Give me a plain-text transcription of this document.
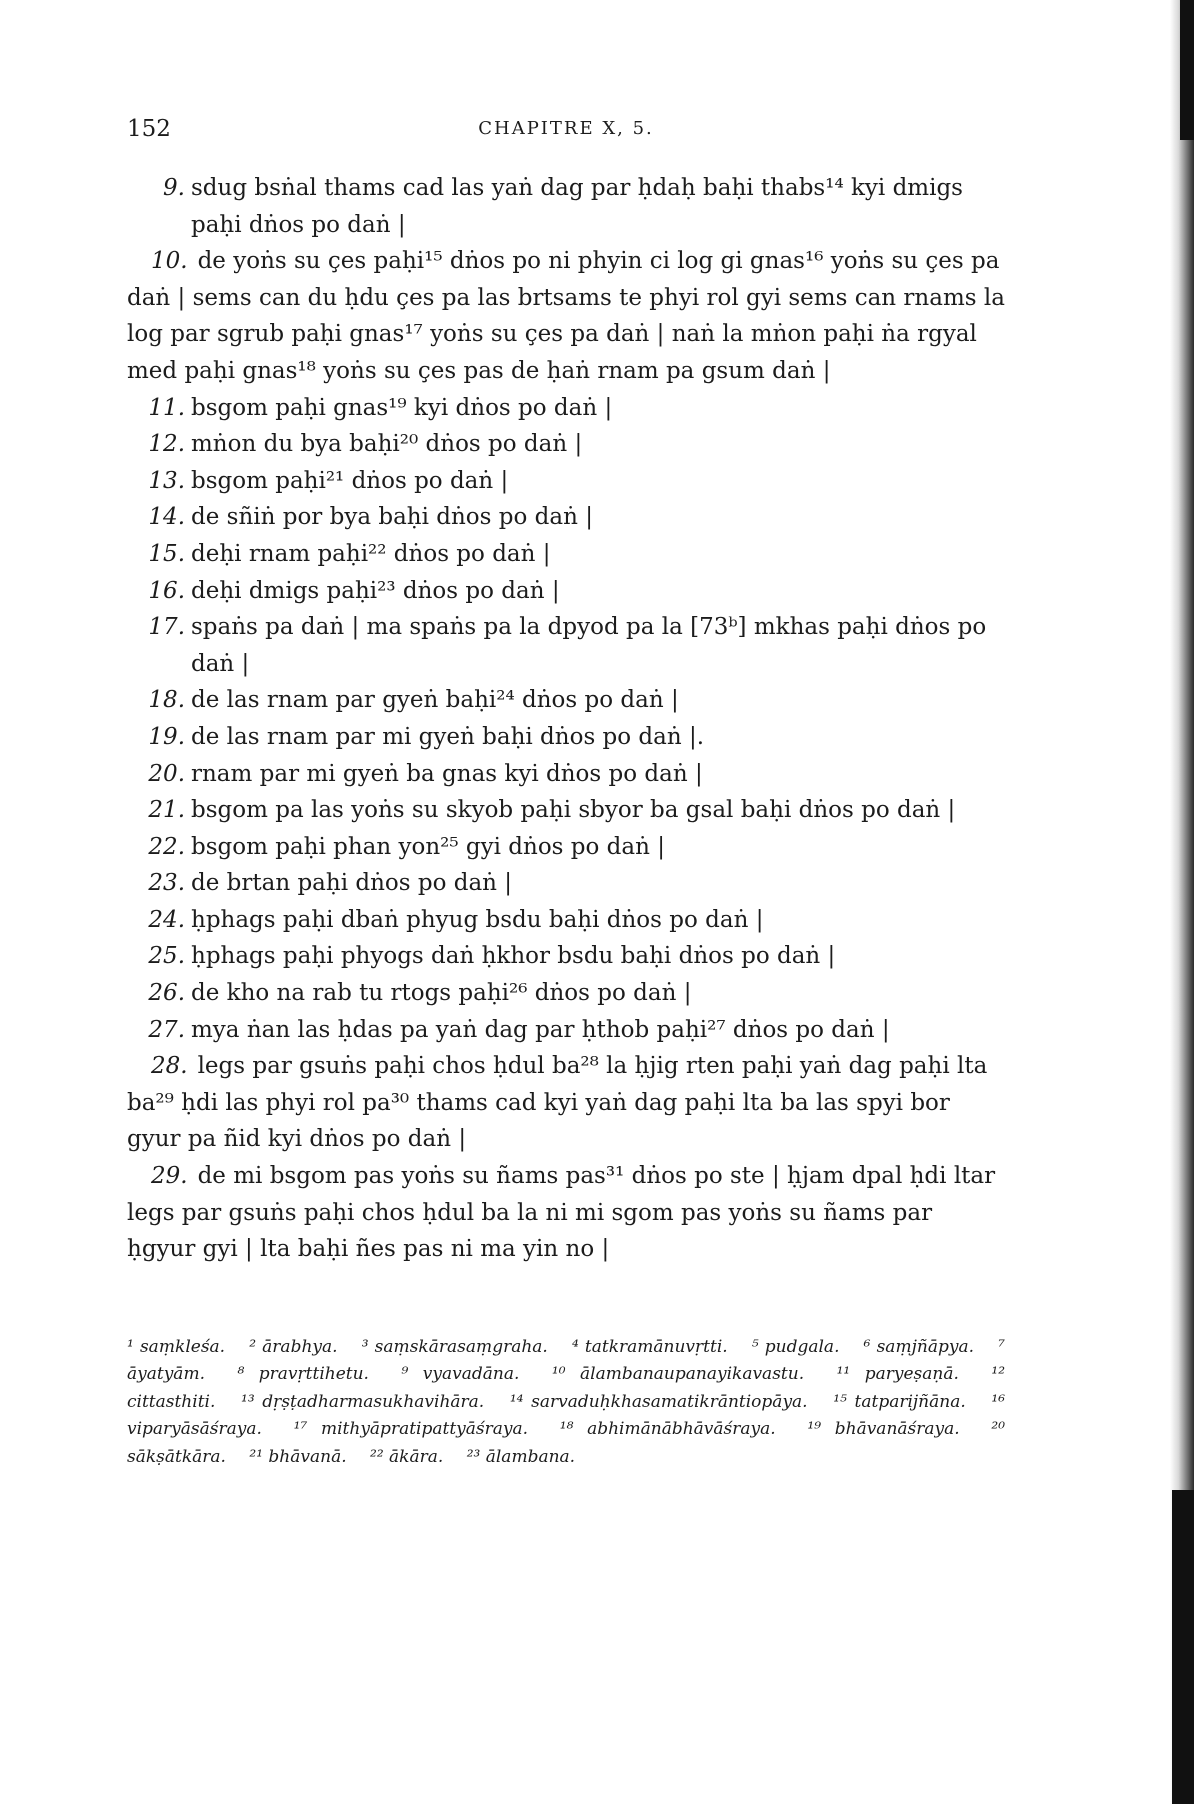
152	CHAPITRE X, 5.

9. sdug bsṅal thams cad las yaṅ dag par ḥdaḥ baḥi thabs¹⁴ kyi dmigs paḥi dṅos po daṅ |

10. de yoṅs su çes paḥi¹⁵ dṅos po ni phyin ci log gi gnas¹⁶ yoṅs su çes pa daṅ | sems can du ḥdu çes pa las brtsams te phyi rol gyi sems can rnams la log par sgrub paḥi gnas¹⁷ yoṅs su çes pa daṅ | naṅ la mṅon paḥi ṅa rgyal med paḥi gnas¹⁸ yoṅs su çes pas de ḥaṅ rnam pa gsum daṅ |

11. bsgom paḥi gnas¹⁹ kyi dṅos po daṅ |

12. mṅon du bya baḥi²⁰ dṅos po daṅ |

13. bsgom paḥi²¹ dṅos po daṅ |

14. de sñiṅ por bya baḥi dṅos po daṅ |

15. deḥi rnam paḥi²² dṅos po daṅ |

16. deḥi dmigs paḥi²³ dṅos po daṅ |

17. spaṅs pa daṅ | ma spaṅs pa la dpyod pa la [73ᵇ] mkhas paḥi dṅos po daṅ |

18. de las rnam par gyeṅ baḥi²⁴ dṅos po daṅ |

19. de las rnam par mi gyeṅ baḥi dṅos po daṅ |.

20. rnam par mi gyeṅ ba gnas kyi dṅos po daṅ |

21. bsgom pa las yoṅs su skyob paḥi sbyor ba gsal baḥi dṅos po daṅ |

22. bsgom paḥi phan yon²⁵ gyi dṅos po daṅ |

23. de brtan paḥi dṅos po daṅ |

24. ḥphags paḥi dbaṅ phyug bsdu baḥi dṅos po daṅ |

25. ḥphags paḥi phyogs daṅ ḥkhor bsdu baḥi dṅos po daṅ |

26. de kho na rab tu rtogs paḥi²⁶ dṅos po daṅ |

27. mya ṅan las ḥdas pa yaṅ dag par ḥthob paḥi²⁷ dṅos po daṅ |

28. legs par gsuṅs paḥi chos ḥdul ba²⁸ la ḥjig rten paḥi yaṅ dag paḥi lta ba²⁹ ḥdi las phyi rol pa³⁰ thams cad kyi yaṅ dag paḥi lta ba las spyi bor gyur pa ñid kyi dṅos po daṅ |

29. de mi bsgom pas yoṅs su ñams pas³¹ dṅos po ste | ḥjam dpal ḥdi ltar legs par gsuṅs paḥi chos ḥdul ba la ni mi sgom pas yoṅs su ñams par ḥgyur gyi | lta baḥi ñes pas ni ma yin no |

¹ saṃkleśa. ² ārabhya. ³ saṃskārasaṃgraha. ⁴ tatkramānuvṛtti. ⁵ pudgala. ⁶ saṃjñāpya. ⁷ āyatyām. ⁸ pravṛttihetu. ⁹ vyavadāna. ¹⁰ ālambanaupanayikavastu. ¹¹ paryeṣaṇā. ¹² cittasthiti. ¹³ dṛṣṭadharmasukhavihāra. ¹⁴ sarvaduḥkhasamatikrāntiopāya. ¹⁵ tatparijñāna. ¹⁶ viparyāsāśraya. ¹⁷ mithyāpratipattyāśraya. ¹⁸ abhimānābhāvāśraya. ¹⁹ bhāvanāśraya. ²⁰ sākṣātkāra. ²¹ bhāvanā. ²² ākāra. ²³ ālambana.
